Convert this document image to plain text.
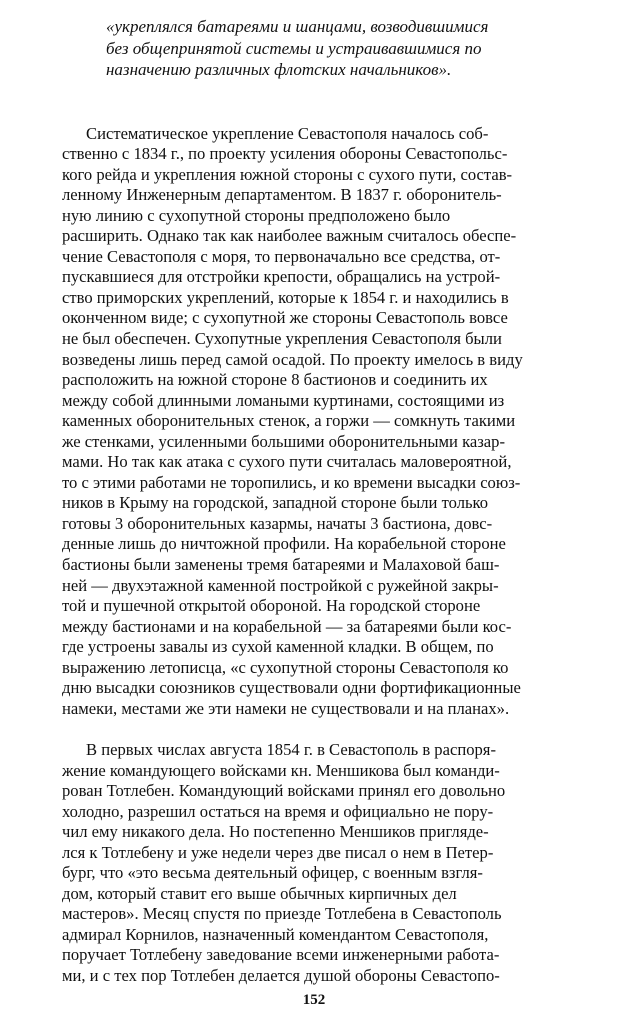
«укреплялся батареями и шанцами, возводившимися
без общепринятой системы и устраивавшимися по
назначению различных флотских начальников».

Систематическое укрепление Севастополя началось соб-
ственно с 1834 г., по проекту усиления обороны Севастопольс-
кого рейда и укрепления южной стороны с сухого пути, состав-
ленному Инженерным департаментом. В 1837 г. оборонитель-
ную линию с сухопутной стороны предположено было
расширить. Однако так как наиболее важным считалось обеспе-
чение Севастополя с моря, то первоначально все средства, от-
пускавшиеся для отстройки крепости, обращались на устрой-
ство приморских укреплений, которые к 1854 г. и находились в
оконченном виде; с сухопутной же стороны Севастополь вовсе
не был обеспечен. Сухопутные укрепления Севастополя были
возведены лишь перед самой осадой. По проекту имелось в виду
расположить на южной стороне 8 бастионов и соединить их
между собой длинными ломаными куртинами, состоящими из
каменных оборонительных стенок, а горжи — сомкнуть такими
же стенками, усиленными большими оборонительными казар-
мами. Но так как атака с сухого пути считалась маловероятной,
то с этими работами не торопились, и ко времени высадки союз-
ников в Крыму на городской, западной стороне были только
готовы 3 оборонительных казармы, начаты 3 бастиона, довс-
денные лишь до ничтожной профили. На корабельной стороне
бастионы были заменены тремя батареями и Малаховой баш-
ней — двухэтажной каменной постройкой с ружейной закры-
той и пушечной открытой обороной. На городской стороне
между бастионами и на корабельной — за батареями были кос-
где устроены завалы из сухой каменной кладки. В общем, по
выражению летописца, «с сухопутной стороны Севастополя ко
дню высадки союзников существовали одни фортификационные
намеки, местами же эти намеки не существовали и на планах».

В первых числах августа 1854 г. в Севастополь в распоря-
жение командующего войсками кн. Меншикова был команди-
рован Тотлебен. Командующий войсками принял его довольно
холодно, разрешил остаться на время и официально не пору-
чил ему никакого дела. Но постепенно Меншиков пригляде-
лся к Тотлебену и уже недели через две писал о нем в Петер-
бург, что «это весьма деятельный офицер, с военным взгля-
дом, который ставит его выше обычных кирпичных дел
мастеров». Месяц спустя по приезде Тотлебена в Севастополь
адмирал Корнилов, назначенный комендантом Севастополя,
поручает Тотлебену заведование всеми инженерными работа-
ми, и с тех пор Тотлебен делается душой обороны Севастопо-

152
